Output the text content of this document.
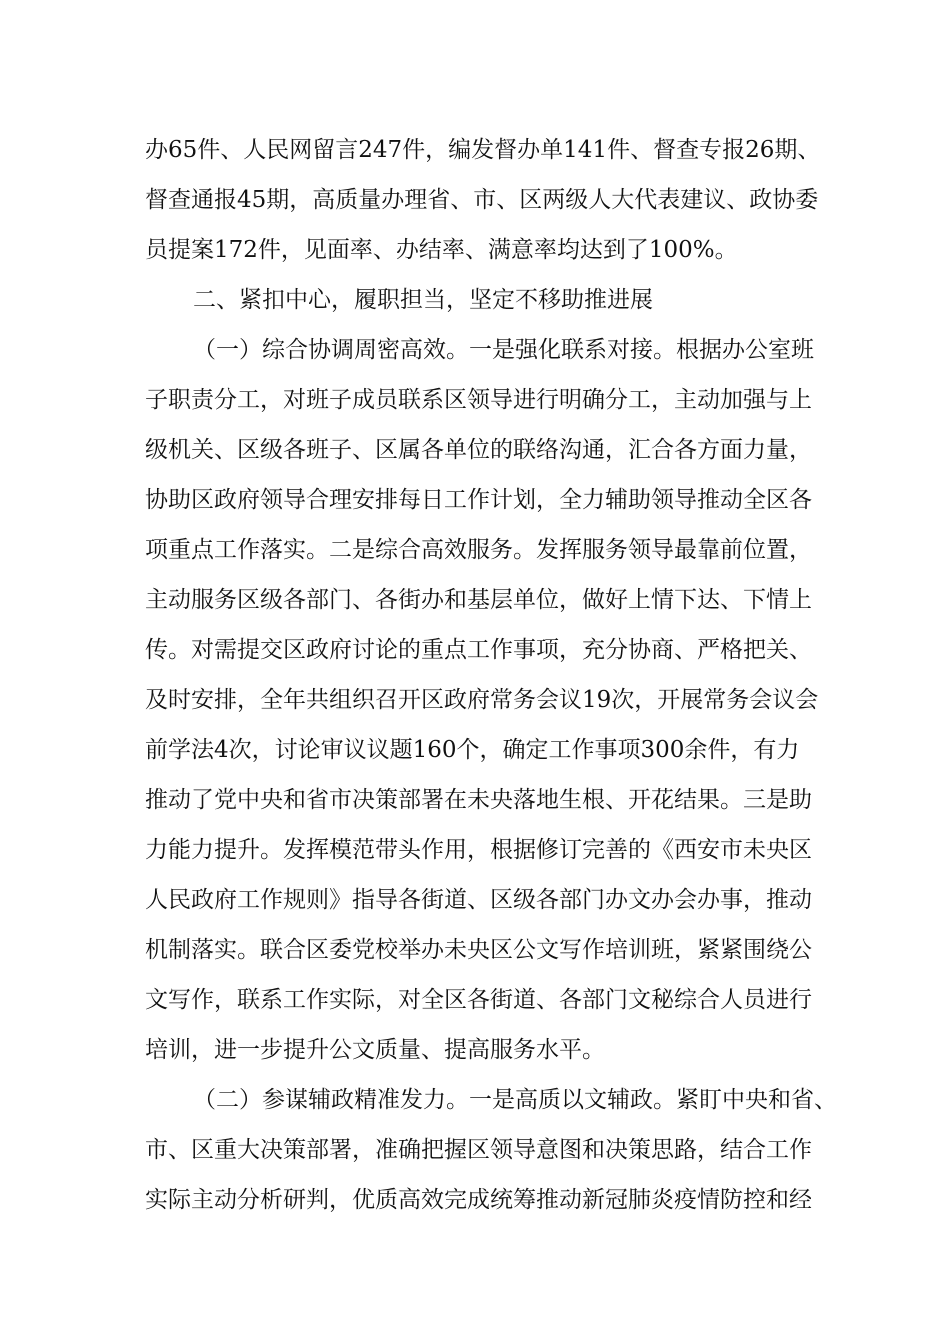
办65件、人民网留言247件，编发督办单141件、督查专报26期、
督查通报45期，高质量办理省、市、区两级人大代表建议、政协委
员提案172件，见面率、办结率、满意率均达到了100%。
二、紧扣中心，履职担当，坚定不移助推进展
（一）综合协调周密高效。一是强化联系对接。根据办公室班
子职责分工，对班子成员联系区领导进行明确分工，主动加强与上
级机关、区级各班子、区属各单位的联络沟通，汇合各方面力量，
协助区政府领导合理安排每日工作计划，全力辅助领导推动全区各
项重点工作落实。二是综合高效服务。发挥服务领导最靠前位置，
主动服务区级各部门、各街办和基层单位，做好上情下达、下情上
传。对需提交区政府讨论的重点工作事项，充分协商、严格把关、
及时安排，全年共组织召开区政府常务会议19次，开展常务会议会
前学法4次，讨论审议议题160个，确定工作事项300余件，有力
推动了党中央和省市决策部署在未央落地生根、开花结果。三是助
力能力提升。发挥模范带头作用，根据修订完善的《西安市未央区
人民政府工作规则》指导各街道、区级各部门办文办会办事，推动
机制落实。联合区委党校举办未央区公文写作培训班，紧紧围绕公
文写作，联系工作实际，对全区各街道、各部门文秘综合人员进行
培训，进一步提升公文质量、提高服务水平。
（二）参谋辅政精准发力。一是高质以文辅政。紧盯中央和省、
市、区重大决策部署，准确把握区领导意图和决策思路，结合工作
实际主动分析研判，优质高效完成统筹推动新冠肺炎疫情防控和经
